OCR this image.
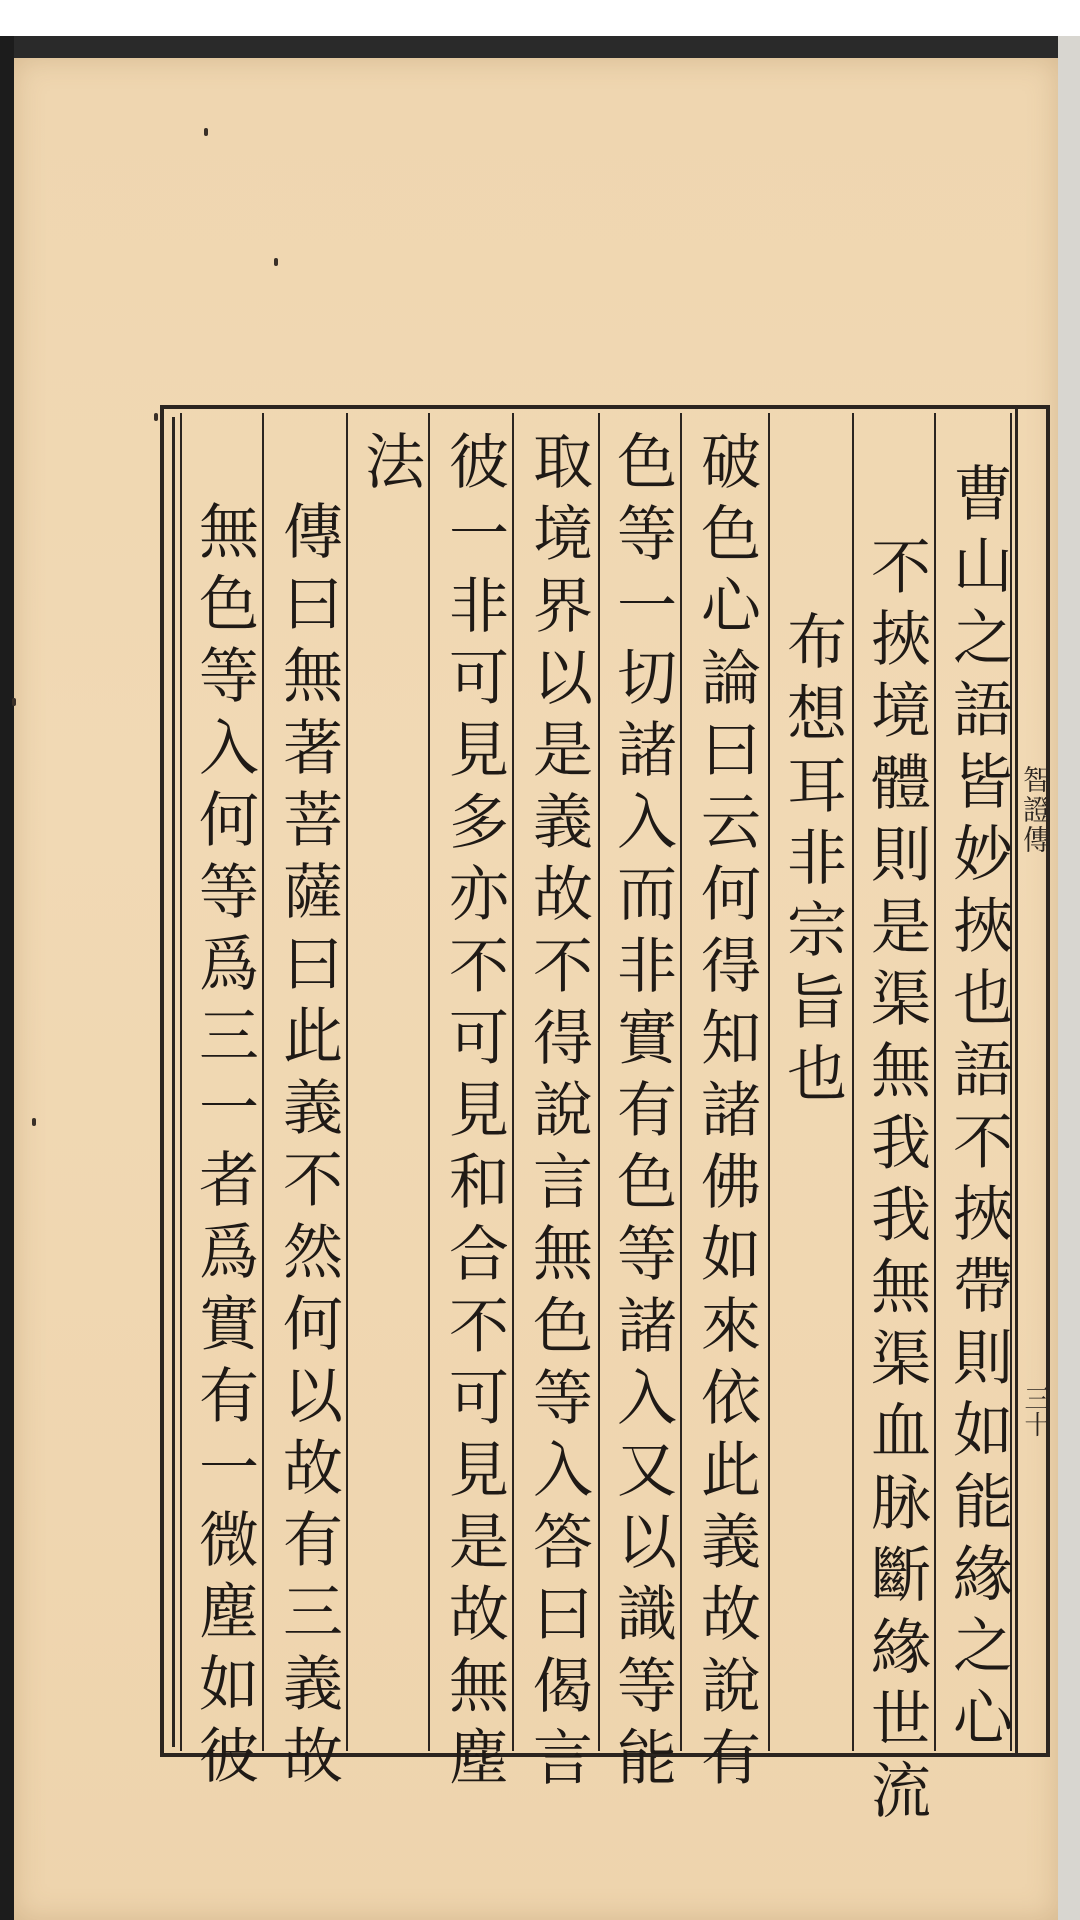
智證傳
三十
曹山之語皆妙挾也語不挾帶則如能緣之心
不挾境體則是渠無我我無渠血脉斷緣世流
布想耳非宗旨也
破色心論曰云何得知諸佛如來依此義故說有
色等一切諸入而非實有色等諸入又以識等能
取境界以是義故不得說言無色等入答曰偈言
彼一非可見多亦不可見和合不可見是故無塵
法
傳曰無著菩薩曰此義不然何以故有三義故
無色等入何等爲三一者爲實有一微塵如彼
